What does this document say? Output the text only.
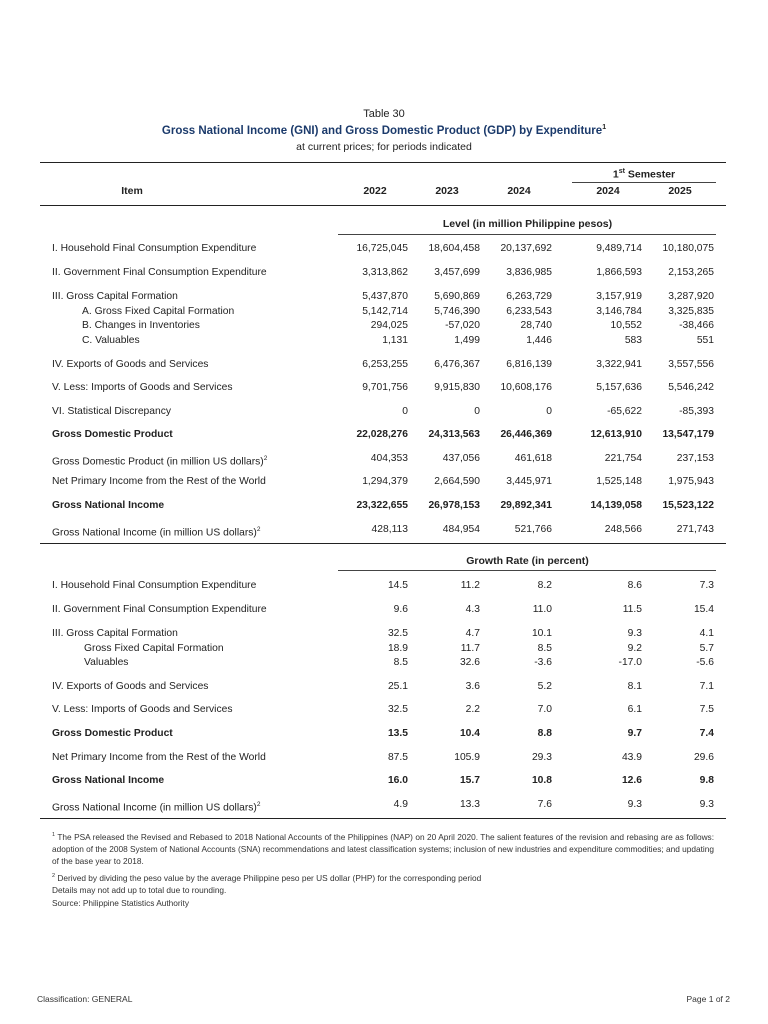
Table 30
Gross National Income (GNI) and Gross Domestic Product (GDP) by Expenditure$^1$
at current prices; for periods indicated
1st Semester
Item	2022	2023	2024	2024	2025
Level (in million Philippine pesos)
I. Household Final Consumption Expenditure	16,725,045	18,604,458	20,137,692	9,489,714	10,180,075
II. Government Final Consumption Expenditure	3,313,862	3,457,699	3,836,985	1,866,593	2,153,265
III. Gross Capital Formation	5,437,870	5,690,869	6,263,729	3,157,919	3,287,920
A. Gross Fixed Capital Formation	5,142,714	5,746,390	6,233,543	3,146,784	3,325,835
B. Changes in Inventories	294,025	-57,020	28,740	10,552	-38,466
C. Valuables	1,131	1,499	1,446	583	551
IV. Exports of Goods and Services	6,253,255	6,476,367	6,816,139	3,322,941	3,557,556
V. Less: Imports of Goods and Services	9,701,756	9,915,830	10,608,176	5,157,636	5,546,242
VI. Statistical Discrepancy	0	0	0	-65,622	-85,393
Gross Domestic Product	22,028,276	24,313,563	26,446,369	12,613,910	13,547,179
Gross Domestic Product (in million US dollars)$^2$	404,353	437,056	461,618	221,754	237,153
Net Primary Income from the Rest of the World	1,294,379	2,664,590	3,445,971	1,525,148	1,975,943
Gross National Income	23,322,655	26,978,153	29,892,341	14,139,058	15,523,122
Gross National Income (in million US dollars)$^2$	428,113	484,954	521,766	248,566	271,743
Growth Rate (in percent)
I. Household Final Consumption Expenditure	14.5	11.2	8.2	8.6	7.3
II. Government Final Consumption Expenditure	9.6	4.3	11.0	11.5	15.4
III. Gross Capital Formation	32.5	4.7	10.1	9.3	4.1
Gross Fixed Capital Formation	18.9	11.7	8.5	9.2	5.7
Valuables	8.5	32.6	-3.6	-17.0	-5.6
IV. Exports of Goods and Services	25.1	3.6	5.2	8.1	7.1
V. Less: Imports of Goods and Services	32.5	2.2	7.0	6.1	7.5
Gross Domestic Product	13.5	10.4	8.8	9.7	7.4
Net Primary Income from the Rest of the World	87.5	105.9	29.3	43.9	29.6
Gross National Income	16.0	15.7	10.8	12.6	9.8
Gross National Income (in million US dollars)$^2$	4.9	13.3	7.6	9.3	9.3
$^1$ The PSA released the Revised and Rebased to 2018 National Accounts of the Philippines (NAP) on 20 April 2020. The salient features of the revision and rebasing are as follows: adoption of the 2008 System of National Accounts (SNA) recommendations and latest classification systems; inclusion of new industries and expenditure commodities; and updating of the base year to 2018.
$^2$ Derived by dividing the peso value by the average Philippine peso per US dollar (PHP) for the corresponding period
Details may not add up to total due to rounding.
Source: Philippine Statistics Authority
Classification: GENERAL	Page 1 of 2
